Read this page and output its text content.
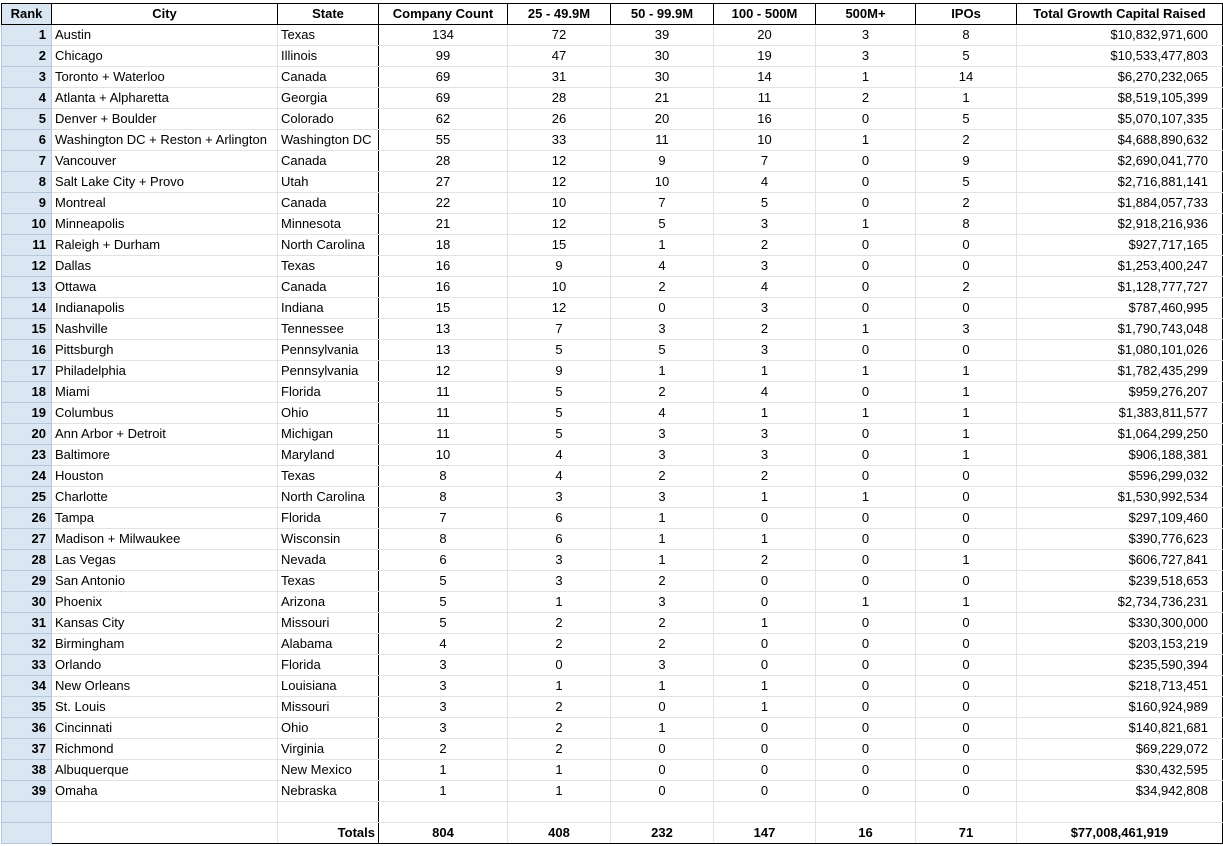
Rank	City	State	Company Count	25 - 49.9M	50 - 99.9M	100 - 500M	500M+	IPOs	Total Growth Capital Raised
1	Austin	Texas	134	72	39	20	3	8	$10,832,971,600
2	Chicago	Illinois	99	47	30	19	3	5	$10,533,477,803
3	Toronto + Waterloo	Canada	69	31	30	14	1	14	$6,270,232,065
4	Atlanta + Alpharetta	Georgia	69	28	21	11	2	1	$8,519,105,399
5	Denver + Boulder	Colorado	62	26	20	16	0	5	$5,070,107,335
6	Washington DC + Reston + Arlington	Washington DC	55	33	11	10	1	2	$4,688,890,632
7	Vancouver	Canada	28	12	9	7	0	9	$2,690,041,770
8	Salt Lake City + Provo	Utah	27	12	10	4	0	5	$2,716,881,141
9	Montreal	Canada	22	10	7	5	0	2	$1,884,057,733
10	Minneapolis	Minnesota	21	12	5	3	1	8	$2,918,216,936
11	Raleigh + Durham	North Carolina	18	15	1	2	0	0	$927,717,165
12	Dallas	Texas	16	9	4	3	0	0	$1,253,400,247
13	Ottawa	Canada	16	10	2	4	0	2	$1,128,777,727
14	Indianapolis	Indiana	15	12	0	3	0	0	$787,460,995
15	Nashville	Tennessee	13	7	3	2	1	3	$1,790,743,048
16	Pittsburgh	Pennsylvania	13	5	5	3	0	0	$1,080,101,026
17	Philadelphia	Pennsylvania	12	9	1	1	1	1	$1,782,435,299
18	Miami	Florida	11	5	2	4	0	1	$959,276,207
19	Columbus	Ohio	11	5	4	1	1	1	$1,383,811,577
20	Ann Arbor + Detroit	Michigan	11	5	3	3	0	1	$1,064,299,250
23	Baltimore	Maryland	10	4	3	3	0	1	$906,188,381
24	Houston	Texas	8	4	2	2	0	0	$596,299,032
25	Charlotte	North Carolina	8	3	3	1	1	0	$1,530,992,534
26	Tampa	Florida	7	6	1	0	0	0	$297,109,460
27	Madison + Milwaukee	Wisconsin	8	6	1	1	0	0	$390,776,623
28	Las Vegas	Nevada	6	3	1	2	0	1	$606,727,841
29	San Antonio	Texas	5	3	2	0	0	0	$239,518,653
30	Phoenix	Arizona	5	1	3	0	1	1	$2,734,736,231
31	Kansas City	Missouri	5	2	2	1	0	0	$330,300,000
32	Birmingham	Alabama	4	2	2	0	0	0	$203,153,219
33	Orlando	Florida	3	0	3	0	0	0	$235,590,394
34	New Orleans	Louisiana	3	1	1	1	0	0	$218,713,451
35	St. Louis	Missouri	3	2	0	1	0	0	$160,924,989
36	Cincinnati	Ohio	3	2	1	0	0	0	$140,821,681
37	Richmond	Virginia	2	2	0	0	0	0	$69,229,072
38	Albuquerque	New Mexico	1	1	0	0	0	0	$30,432,595
39	Omaha	Nebraska	1	1	0	0	0	0	$34,942,808

		Totals	804	408	232	147	16	71	$77,008,461,919
